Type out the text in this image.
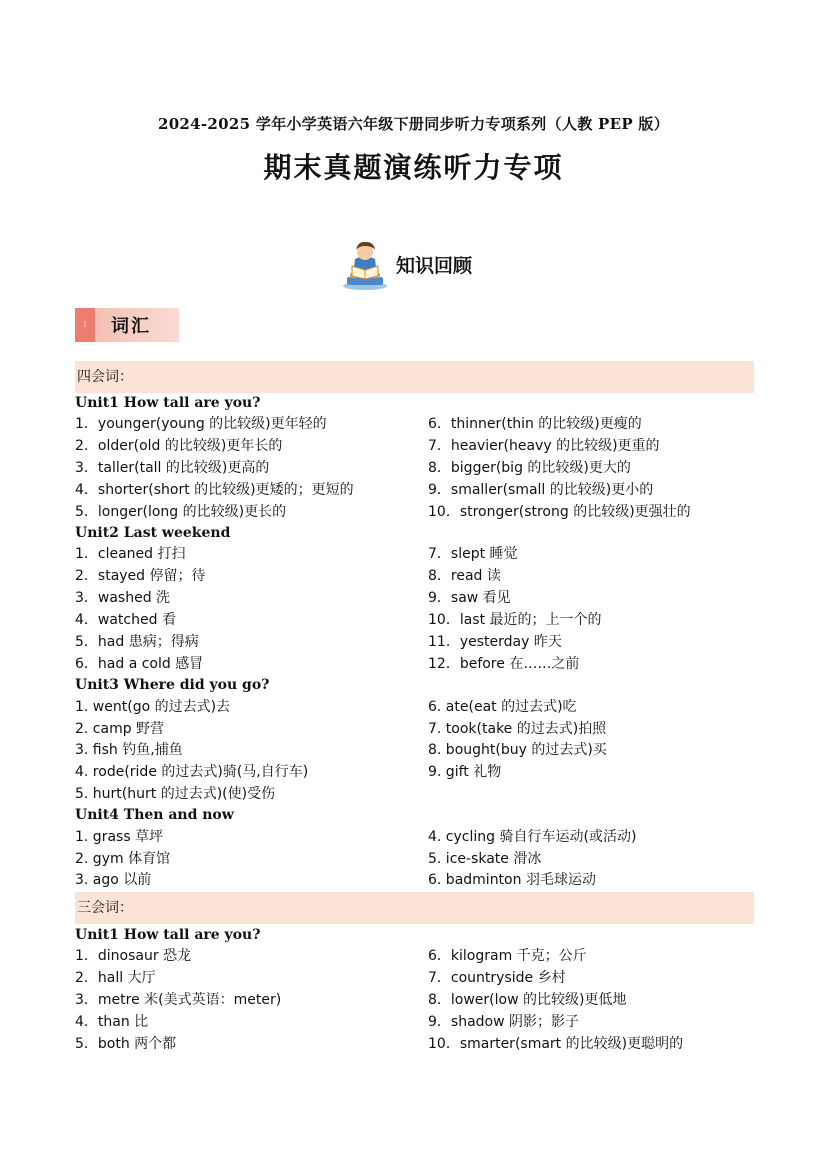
2024-2025 学年小学英语六年级下册同步听力专项系列（人教 PEP 版）
期末真题演练听力专项
知识回顾
⁞ 词汇
四会词：
Unit1 How tall are you?
1．younger(young 的比较级)更年轻的
2．older(old 的比较级)更年长的
3．taller(tall 的比较级)更高的
4．shorter(short 的比较级)更矮的；更短的
5．longer(long 的比较级)更长的
6．thinner(thin 的比较级)更瘦的
7．heavier(heavy 的比较级)更重的
8．bigger(big 的比较级)更大的
9．smaller(small 的比较级)更小的
10．stronger(strong 的比较级)更强壮的
Unit2 Last weekend
1．cleaned 打扫
2．stayed 停留；待
3．washed 洗
4．watched 看
5．had 患病；得病
6．had a cold 感冒
7．slept 睡觉
8．read 读
9．saw 看见
10．last 最近的；上一个的
11．yesterday 昨天
12．before 在……之前
Unit3 Where did you go?
1. went(go 的过去式)去
2. camp 野营
3. fish 钓鱼,捕鱼
4. rode(ride 的过去式)骑(马,自行车)
5. hurt(hurt 的过去式)(使)受伤
6. ate(eat 的过去式)吃
7. took(take 的过去式)拍照
8. bought(buy 的过去式)买
9. gift 礼物
Unit4 Then and now
1. grass 草坪
2. gym 体育馆
3. ago 以前
4. cycling 骑自行车运动(或活动)
5. ice-skate 滑冰
6. badminton 羽毛球运动
三会词：
Unit1 How tall are you?
1．dinosaur 恐龙
2．hall 大厅
3．metre 米(美式英语：meter)
4．than 比
5．both 两个都
6．kilogram 千克；公斤
7．countryside 乡村
8．lower(low 的比较级)更低地
9．shadow 阴影；影子
10．smarter(smart 的比较级)更聪明的
